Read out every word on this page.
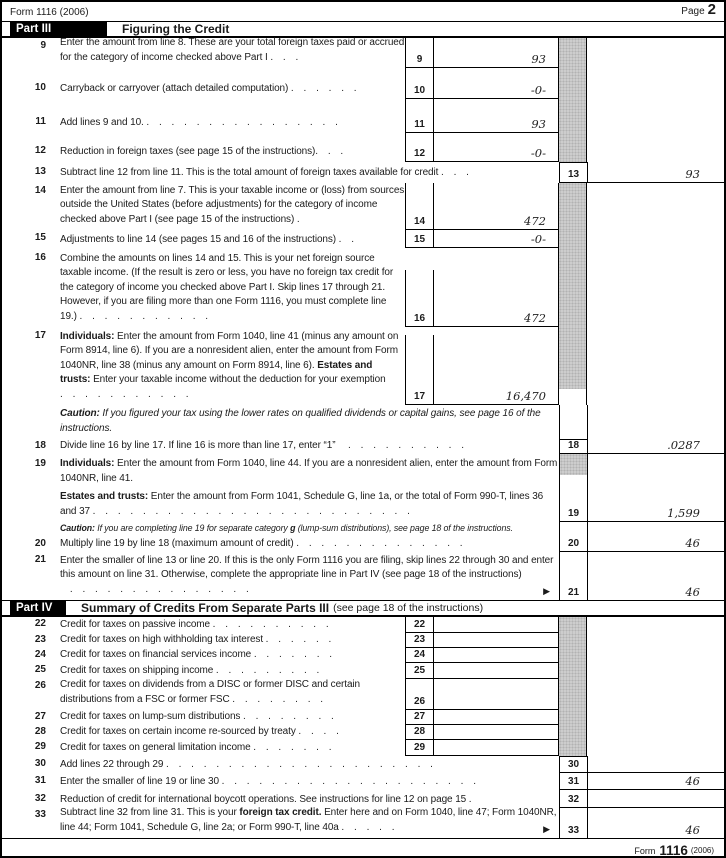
Form 1116 (2006)	Page 2
Part III	Figuring the Credit
9 Enter the amount from line 8. These are your total foreign taxes paid or accrued for the category of income checked above Part I . . .	9	93
10 Carryback or carryover (attach detailed computation) . . . . . .	10	-0-
11 Add lines 9 and 10. . . . . . . . . . . . . . . . .	11	93
12 Reduction in foreign taxes (see page 15 of the instructions). . .	12	-0-
13 Subtract line 12 from line 11. This is the total amount of foreign taxes available for credit . . .	13	93
14 Enter the amount from line 7. This is your taxable income or (loss) from sources outside the United States (before adjustments) for the category of income checked above Part I (see page 15 of the instructions) .	14	472
15 Adjustments to line 14 (see pages 15 and 16 of the instructions) . .	15	-0-
16 Combine the amounts on lines 14 and 15. This is your net foreign source taxable income. (If the result is zero or less, you have no foreign tax credit for the category of income you checked above Part I. Skip lines 17 through 21. However, if you are filing more than one Form 1116, you must complete line 19.) . . . . . . . . . . .	16	472
17 Individuals: Enter the amount from Form 1040, line 41 (minus any amount on Form 8914, line 6). If you are a nonresident alien, enter the amount from Form 1040NR, line 38 (minus any amount on Form 8914, line 6). Estates and trusts: Enter your taxable income without the deduction for your exemption . . . . . . . . . . .	17	16,470
Caution: If you figured your tax using the lower rates on qualified dividends or capital gains, see page 16 of the instructions.
18 Divide line 16 by line 17. If line 16 is more than line 17, enter “1”  . . . . . . . . . .	18	.0287
19 Individuals: Enter the amount from Form 1040, line 44. If you are a nonresident alien, enter the amount from Form 1040NR, line 41.
Estates and trusts: Enter the amount from Form 1041, Schedule G, line 1a, or the total of Form 990-T, lines 36 and 37 . . . . . . . . . . . . . . . . . . . . . . . . . .	19	1,599
Caution: If you are completing line 19 for separate category g (lump-sum distributions), see page 18 of the instructions.
20 Multiply line 19 by line 18 (maximum amount of credit) . . . . . . . . . . . . . .	20	46
21 Enter the smaller of line 13 or line 20. If this is the only Form 1116 you are filing, skip lines 22 through 30 and enter this amount on line 31. Otherwise, complete the appropriate line in Part IV (see page 18 of the instructions)  . . . . . . . . . . . . . . .	▶	21	46
Part IV	Summary of Credits From Separate Parts III (see page 18 of the instructions)
22 Credit for taxes on passive income . . . . . . . . . .	22
23 Credit for taxes on high withholding tax interest . . . . . .	23
24 Credit for taxes on financial services income . . . . . . .	24
25 Credit for taxes on shipping income . . . . . . . . .	25
26 Credit for taxes on dividends from a DISC or former DISC and certain distributions from a FSC or former FSC . . . . . . . .	26
27 Credit for taxes on lump-sum distributions . . . . . . . .	27
28 Credit for taxes on certain income re-sourced by treaty . . . .	28
29 Credit for taxes on general limitation income . . . . . . .	29
30 Add lines 22 through 29 . . . . . . . . . . . . . . . . . . . . . .	30
31 Enter the smaller of line 19 or line 30 . . . . . . . . . . . . . . . . . . . . .	31	46
32 Reduction of credit for international boycott operations. See instructions for line 12 on page 15 .	32
33 Subtract line 32 from line 31. This is your foreign tax credit. Enter here and on Form 1040, line 47; Form 1040NR, line 44; Form 1041, Schedule G, line 2a; or Form 990-T, line 40a . . . . .	▶	33	46
Form 1116 (2006)
